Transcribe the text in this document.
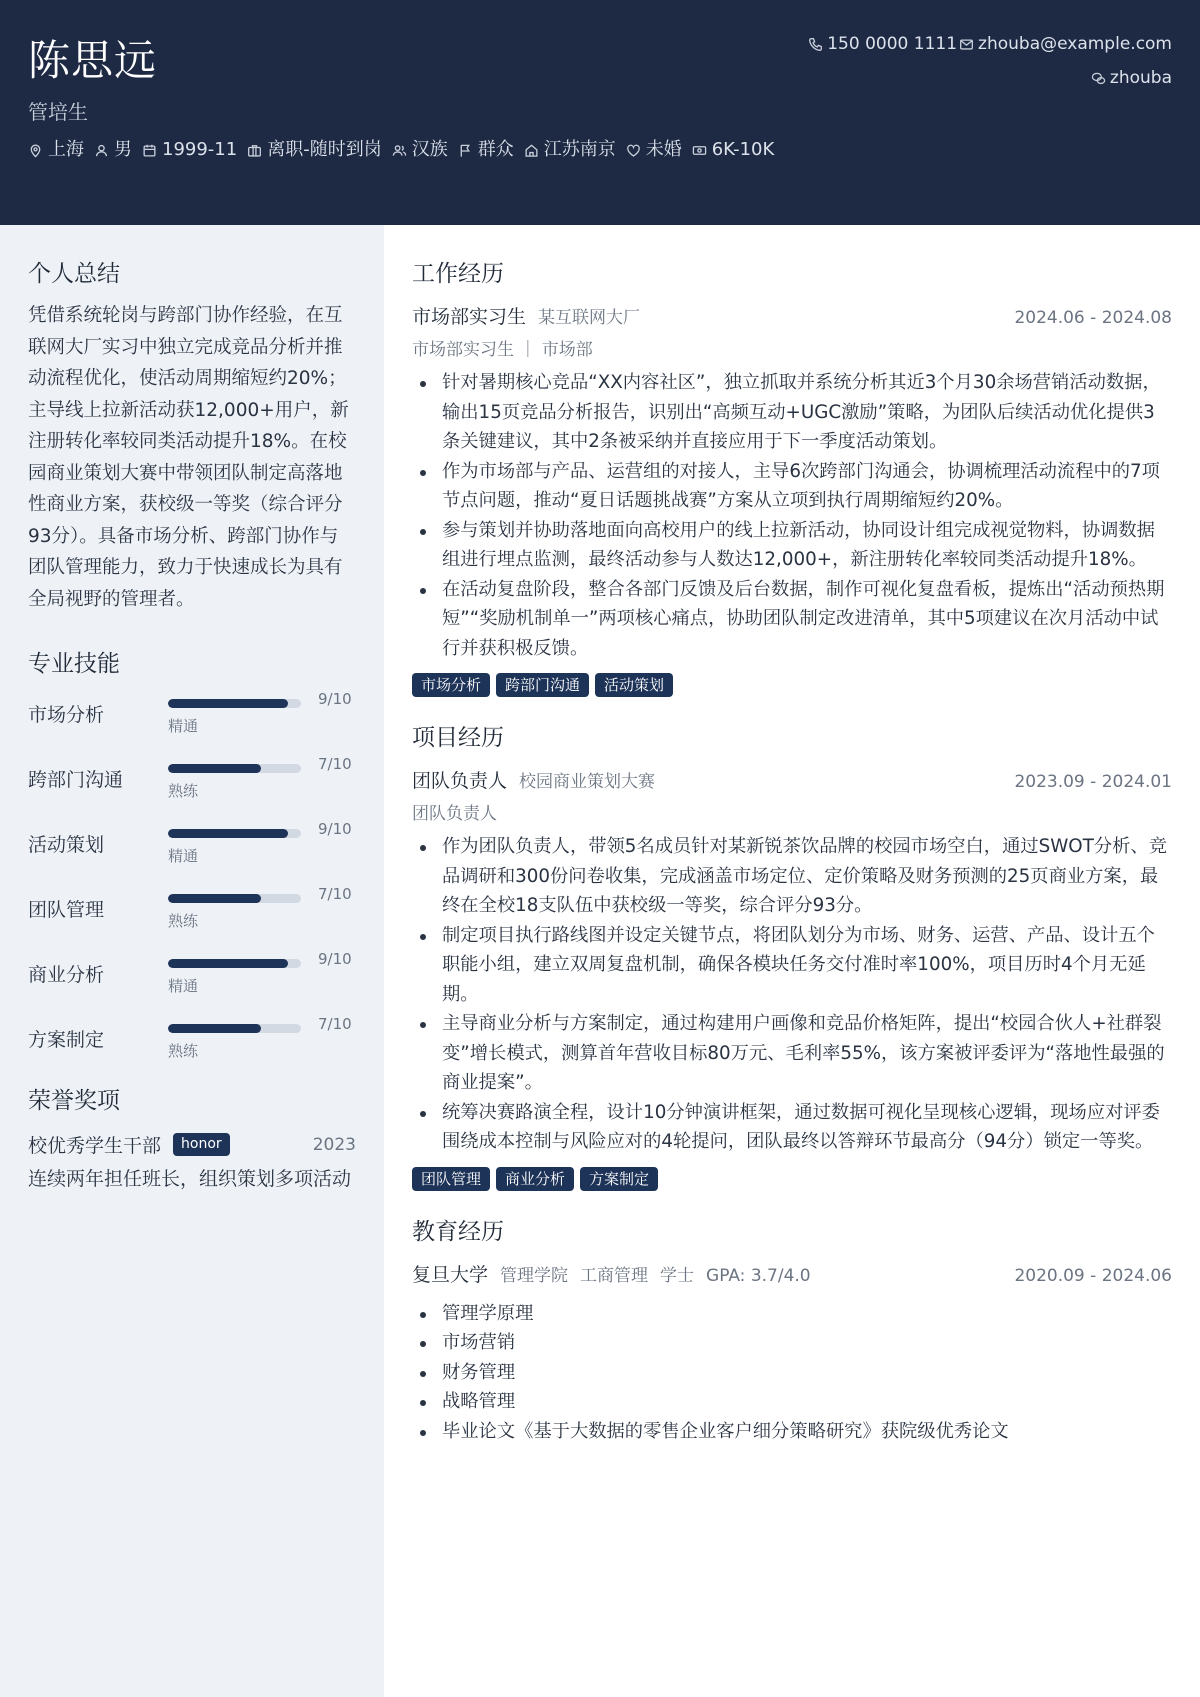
陈思远
管培生
上海 男 1999-11 离职-随时到岗 汉族 群众 江苏南京 未婚 6K-10K
150 0000 1111 zhouba@example.com
zhouba
个人总结
凭借系统轮岗与跨部门协作经验，在互联网大厂实习中独立完成竞品分析并推动流程优化，使活动周期缩短约20%；主导线上拉新活动获12,000+用户，新注册转化率较同类活动提升18%。在校园商业策划大赛中带领团队制定高落地性商业方案，获校级一等奖（综合评分93分）。具备市场分析、跨部门协作与团队管理能力，致力于快速成长为具有全局视野的管理者。
专业技能
市场分析
9/10
精通
跨部门沟通
7/10
熟练
活动策划
9/10
精通
团队管理
7/10
熟练
商业分析
9/10
精通
方案制定
7/10
熟练
荣誉奖项
校优秀学生干部	honor	2023
连续两年担任班长，组织策划多项活动
工作经历
市场部实习生 某互联网大厂	2024.06 - 2024.08
市场部实习生 ｜ 市场部
针对暑期核心竞品“XX内容社区”，独立抓取并系统分析其近3个月30余场营销活动数据，输出15页竞品分析报告，识别出“高频互动+UGC激励”策略，为团队后续活动优化提供3条关键建议，其中2条被采纳并直接应用于下一季度活动策划。
作为市场部与产品、运营组的对接人，主导6次跨部门沟通会，协调梳理活动流程中的7项节点问题，推动“夏日话题挑战赛”方案从立项到执行周期缩短约20%。
参与策划并协助落地面向高校用户的线上拉新活动，协同设计组完成视觉物料，协调数据组进行埋点监测，最终活动参与人数达12,000+，新注册转化率较同类活动提升18%。
在活动复盘阶段，整合各部门反馈及后台数据，制作可视化复盘看板，提炼出“活动预热期短”“奖励机制单一”两项核心痛点，协助团队制定改进清单，其中5项建议在次月活动中试行并获积极反馈。
市场分析	跨部门沟通	活动策划
项目经历
团队负责人 校园商业策划大赛	2023.09 - 2024.01
团队负责人
作为团队负责人，带领5名成员针对某新锐茶饮品牌的校园市场空白，通过SWOT分析、竞品调研和300份问卷收集，完成涵盖市场定位、定价策略及财务预测的25页商业方案，最终在全校18支队伍中获校级一等奖，综合评分93分。
制定项目执行路线图并设定关键节点，将团队划分为市场、财务、运营、产品、设计五个职能小组，建立双周复盘机制，确保各模块任务交付准时率100%，项目历时4个月无延期。
主导商业分析与方案制定，通过构建用户画像和竞品价格矩阵，提出“校园合伙人+社群裂变”增长模式，测算首年营收目标80万元、毛利率55%，该方案被评委评为“落地性最强的商业提案”。
统筹决赛路演全程，设计10分钟演讲框架，通过数据可视化呈现核心逻辑，现场应对评委围绕成本控制与风险应对的4轮提问，团队最终以答辩环节最高分（94分）锁定一等奖。
团队管理	商业分析	方案制定
教育经历
复旦大学 管理学院 工商管理 学士 GPA: 3.7/4.0	2020.09 - 2024.06
管理学原理
市场营销
财务管理
战略管理
毕业论文《基于大数据的零售企业客户细分策略研究》获院级优秀论文
